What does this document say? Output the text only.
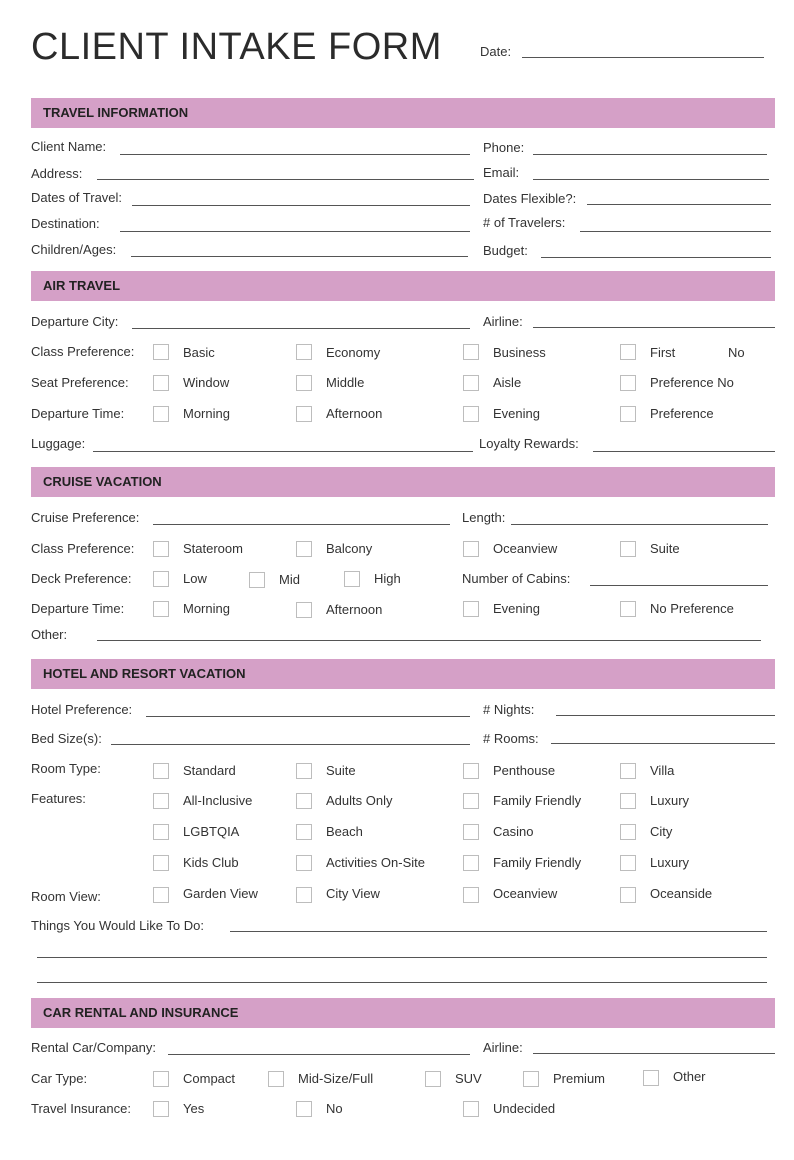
CLIENT INTAKE FORM	Date:
TRAVEL INFORMATION
Client Name:	Phone:
Address:	Email:
Dates of Travel:	Dates Flexible?:
Destination:	# of Travelers:
Children/Ages:	Budget:
AIR TRAVEL
Departure City:	Airline:
Class Preference:	Basic	Economy	Business	First	No
Seat Preference:	Window	Middle	Aisle	Preference No
Departure Time:	Morning	Afternoon	Evening	Preference
Luggage:	Loyalty Rewards:
CRUISE VACATION
Cruise Preference:	Length:
Class Preference:	Stateroom	Balcony	Oceanview	Suite
Deck Preference:	Low	Mid	High	Number of Cabins:
Departure Time:	Morning	Afternoon	Evening	No Preference
Other:
HOTEL AND RESORT VACATION
Hotel Preference:	# Nights:
Bed Size(s):	# Rooms:
Room Type:	Standard	Suite	Penthouse	Villa
Features:	All-Inclusive	Adults Only	Family Friendly	Luxury
LGBTQIA	Beach	Casino	City
Kids Club	Activities On-Site	Family Friendly	Luxury
Room View:	Garden View	City View	Oceanview	Oceanside
Things You Would Like To Do:
CAR RENTAL AND INSURANCE
Rental Car/Company:	Airline:
Car Type:	Compact	Mid-Size/Full	SUV	Premium	Other
Travel Insurance:	Yes	No	Undecided
